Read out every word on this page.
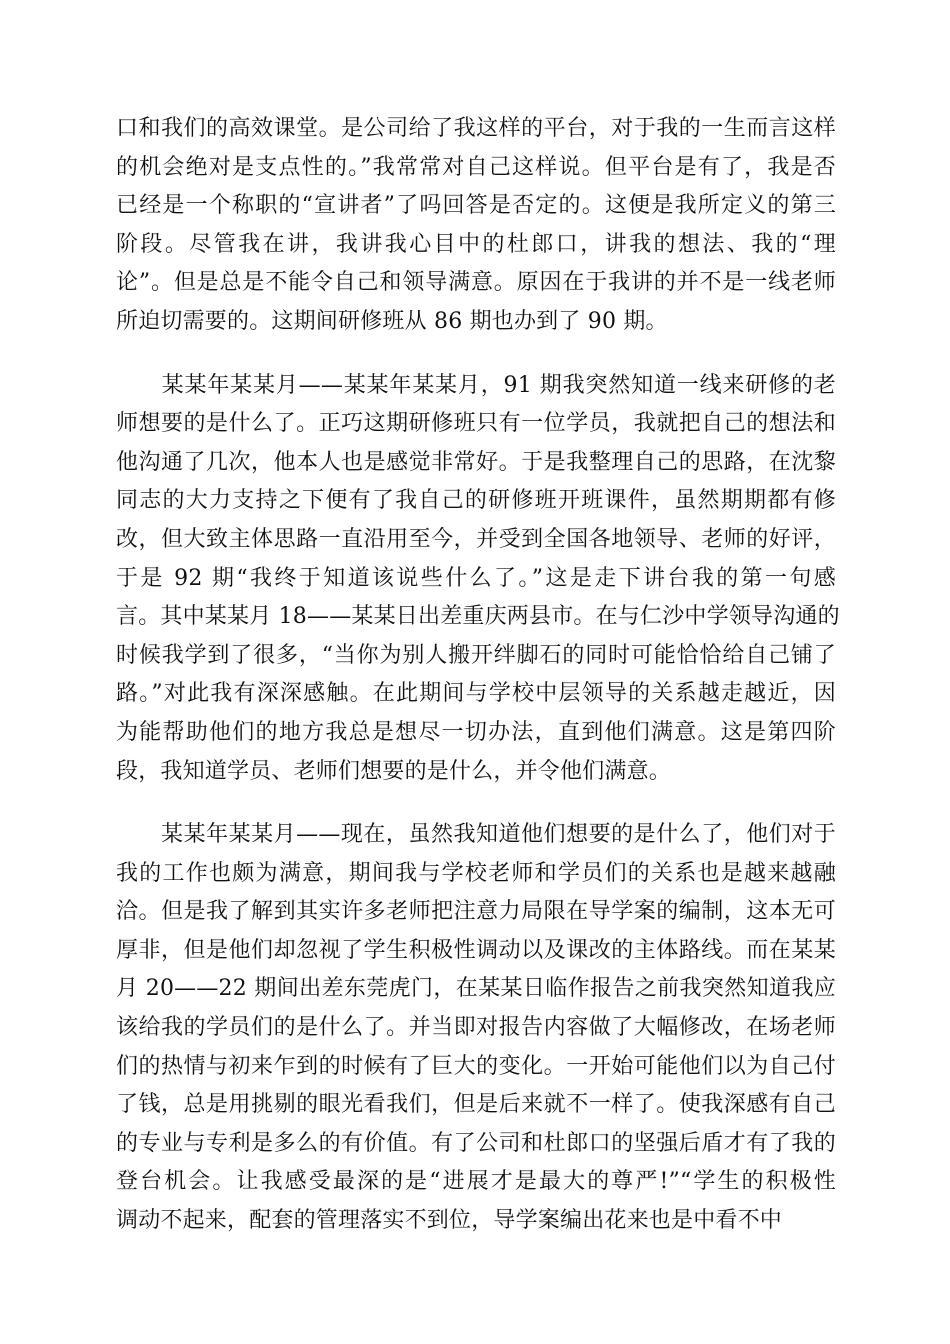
口和我们的高效课堂。是公司给了我这样的平台，对于我的一生而言这样
的机会绝对是支点性的。”我常常对自己这样说。但平台是有了，我是否
已经是一个称职的“宣讲者”了吗回答是否定的。这便是我所定义的第三
阶段。尽管我在讲，我讲我心目中的杜郎口，讲我的想法、我的“理
论”。但是总是不能令自己和领导满意。原因在于我讲的并不是一线老师
所迫切需要的。这期间研修班从 86 期也办到了 90 期。
　　某某年某某月——某某年某某月，91 期我突然知道一线来研修的老
师想要的是什么了。正巧这期研修班只有一位学员，我就把自己的想法和
他沟通了几次，他本人也是感觉非常好。于是我整理自己的思路，在沈黎
同志的大力支持之下便有了我自己的研修班开班课件，虽然期期都有修
改，但大致主体思路一直沿用至今，并受到全国各地领导、老师的好评，
于是 92 期“我终于知道该说些什么了。”这是走下讲台我的第一句感
言。其中某某月 18——某某日出差重庆两县市。在与仁沙中学领导沟通的
时候我学到了很多，“当你为别人搬开绊脚石的同时可能恰恰给自己铺了
路。”对此我有深深感触。在此期间与学校中层领导的关系越走越近，因
为能帮助他们的地方我总是想尽一切办法，直到他们满意。这是第四阶
段，我知道学员、老师们想要的是什么，并令他们满意。
　　某某年某某月——现在，虽然我知道他们想要的是什么了，他们对于
我的工作也颇为满意，期间我与学校老师和学员们的关系也是越来越融
洽。但是我了解到其实许多老师把注意力局限在导学案的编制，这本无可
厚非，但是他们却忽视了学生积极性调动以及课改的主体路线。而在某某
月 20——22 期间出差东莞虎门，在某某日临作报告之前我突然知道我应
该给我的学员们的是什么了。并当即对报告内容做了大幅修改，在场老师
们的热情与初来乍到的时候有了巨大的变化。一开始可能他们以为自己付
了钱，总是用挑剔的眼光看我们，但是后来就不一样了。使我深感有自己
的专业与专利是多么的有价值。有了公司和杜郎口的坚强后盾才有了我的
登台机会。让我感受最深的是“进展才是最大的尊严!”“学生的积极性
调动不起来，配套的管理落实不到位，导学案编出花来也是中看不中
